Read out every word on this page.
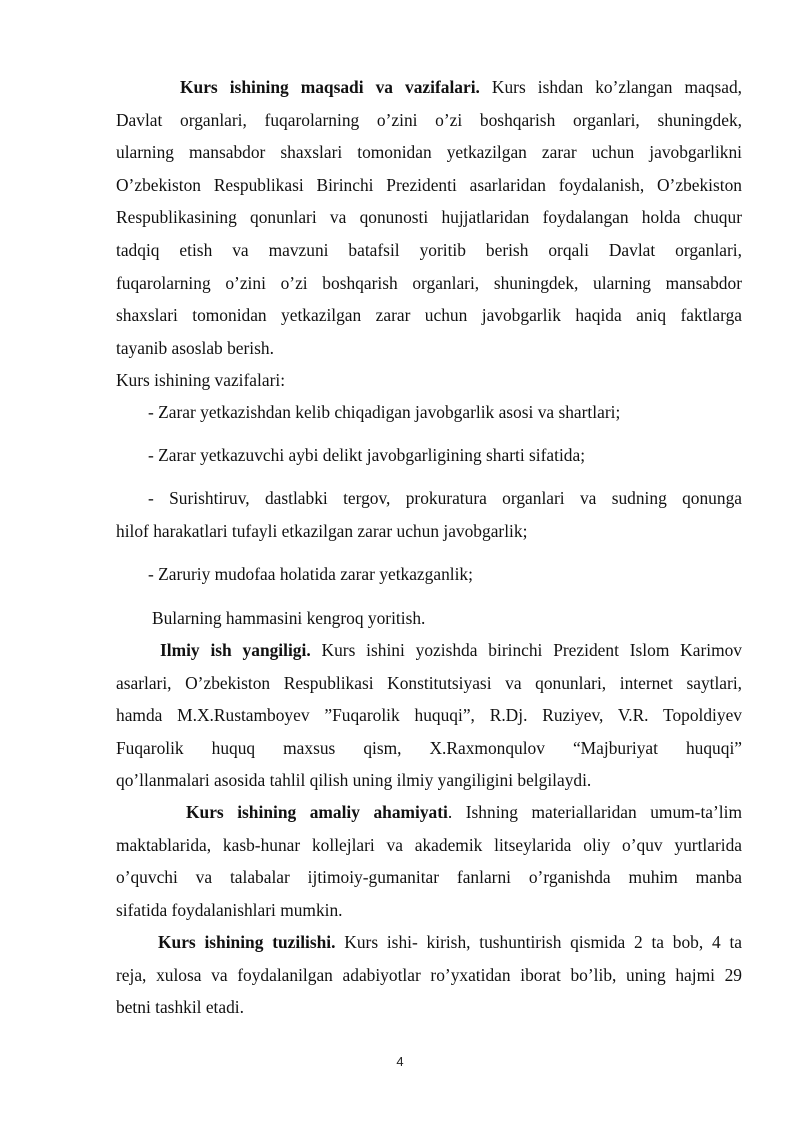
Kurs ishining maqsadi va vazifalari. Kurs ishdan ko’zlangan maqsad,
Davlat organlari, fuqarolarning o’zini o’zi boshqarish organlari, shuningdek,
ularning mansabdor shaxslari tomonidan yetkazilgan zarar uchun javobgarlikni
O’zbekiston Respublikasi Birinchi Prezidenti asarlaridan foydalanish, O’zbekiston
Respublikasining qonunlari va qonunosti hujjatlaridan foydalangan holda chuqur
tadqiq etish va mavzuni batafsil yoritib berish orqali Davlat organlari,
fuqarolarning o’zini o’zi boshqarish organlari, shuningdek, ularning mansabdor
shaxslari tomonidan yetkazilgan zarar uchun javobgarlik haqida aniq faktlarga
tayanib asoslab berish.
Kurs ishining vazifalari:
- Zarar yetkazishdan kelib chiqadigan javobgarlik asosi va shartlari;
- Zarar yetkazuvchi aybi delikt javobgarligining sharti sifatida;
- Surishtiruv, dastlabki tergov, prokuratura organlari va sudning qonunga
hilof harakatlari tufayli etkazilgan zarar uchun javobgarlik;
- Zaruriy mudofaa holatida zarar yetkazganlik;
Bularning hammasini kengroq yoritish.
Ilmiy ish yangiligi. Kurs ishini yozishda birinchi Prezident Islom Karimov
asarlari, O’zbekiston Respublikasi Konstitutsiyasi va qonunlari, internet saytlari,
hamda M.X.Rustamboyev ”Fuqarolik huquqi”, R.Dj. Ruziyev, V.R. Topoldiyev
Fuqarolik huquq maxsus qism, X.Raxmonqulov “Majburiyat huquqi”
qo’llanmalari asosida tahlil qilish uning ilmiy yangiligini belgilaydi.
Kurs ishining amaliy ahamiyati. Ishning materiallaridan umum-ta’lim
maktablarida, kasb-hunar kollejlari va akademik litseylarida oliy o’quv yurtlarida
o’quvchi va talabalar ijtimoiy-gumanitar fanlarni o’rganishda muhim manba
sifatida foydalanishlari mumkin.
Kurs ishining tuzilishi. Kurs ishi- kirish, tushuntirish qismida 2 ta bob, 4 ta
reja, xulosa va foydalanilgan adabiyotlar ro’yxatidan iborat bo’lib, uning hajmi 29
betni tashkil etadi.
4
